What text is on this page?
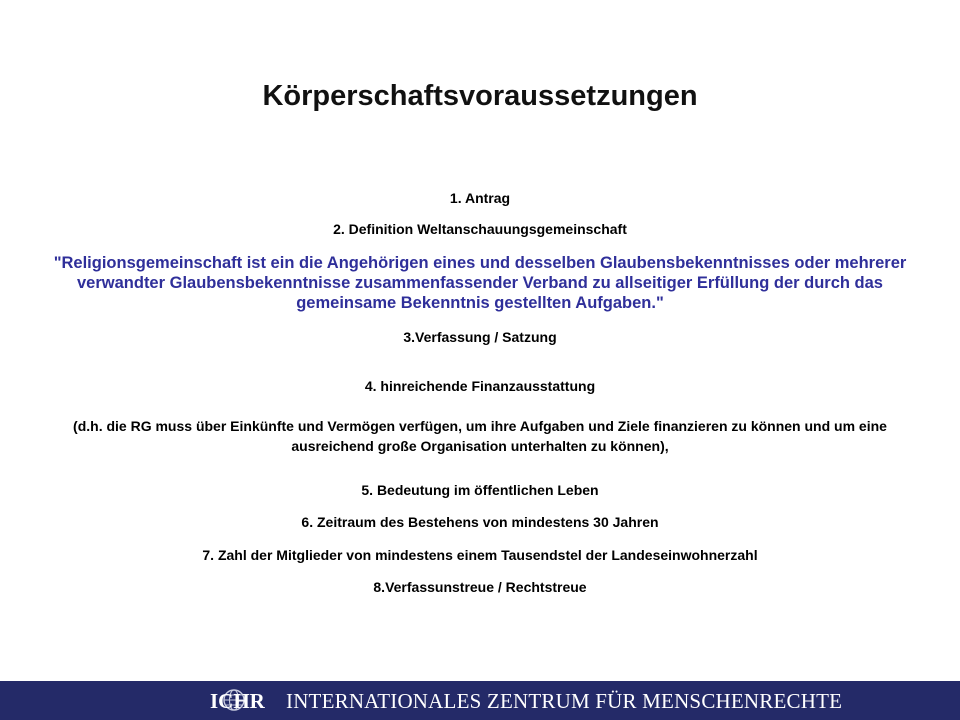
Körperschaftsvoraussetzungen
1. Antrag
2. Definition Weltanschauungsgemeinschaft
"Religionsgemeinschaft ist ein die Angehörigen eines und desselben Glaubensbekenntnisses oder mehrerer verwandter Glaubensbekenntnisse zusammenfassender Verband zu allseitiger Erfüllung der durch das gemeinsame Bekenntnis gestellten Aufgaben."
3.Verfassung / Satzung
4. hinreichende Finanzausstattung
(d.h. die RG muss über Einkünfte und Vermögen verfügen, um ihre Aufgaben und Ziele finanzieren zu können und um eine ausreichend große Organisation unterhalten zu können),
5. Bedeutung im öffentlichen Leben
6. Zeitraum des Bestehens von mindestens 30 Jahren
7. Zahl der Mitglieder von mindestens einem Tausendstel der Landeseinwohnerzahl
8.Verfassunstreue / Rechtstreue
ICHR INTERNATIONALES ZENTRUM FÜR MENSCHENRECHTE
